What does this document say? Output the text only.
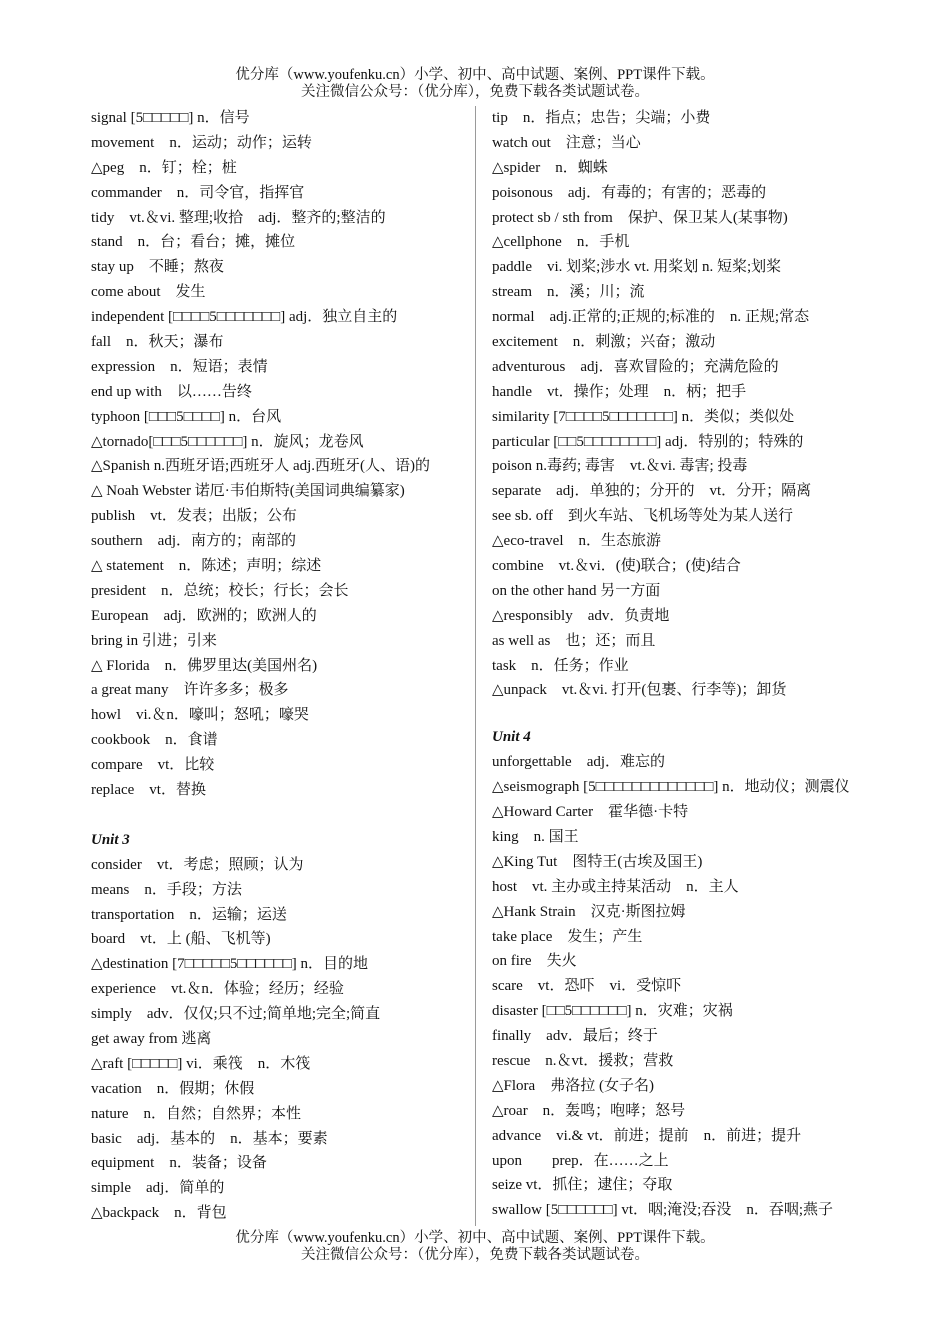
优分库（www.youfenku.cn）小学、初中、高中试题、案例、PPT课件下载。
关注微信公众号：（优分库），免费下载各类试题试卷。
signal [5□□□□□] n．信号
movement　n．运动；动作；运转
△peg　n．钉；栓；桩
commander　n．司令官，指挥官
tidy　vt.＆vi. 整理;收拾　adj．整齐的;整洁的
stand　n．台；看台；摊，摊位
stay up　不睡；熬夜
come about　发生
independent [□□□□5□□□□□□□] adj．独立自主的
fall　n．秋天；瀑布
expression　n．短语；表情
end up with　以……告终
typhoon [□□□5□□□□] n．台风
△tornado[□□□5□□□□□□] n．旋风；龙卷风
△Spanish n.西班牙语;西班牙人 adj.西班牙(人、语)的
△ Noah Webster 诺厄·韦伯斯特(美国词典编纂家)
publish　vt．发表；出版；公布
southern　adj．南方的；南部的
△ statement　n．陈述；声明；综述
president　n．总统；校长；行长；会长
European　adj．欧洲的；欧洲人的
bring in 引进；引来
△ Florida　n．佛罗里达(美国州名)
a great many　许许多多；极多
howl　vi.＆n．嚎叫；怒吼；嚎哭
cookbook　n．食谱
compare　vt．比较
replace　vt．替换
Unit 3
consider　vt．考虑；照顾；认为
means　n．手段；方法
transportation　n．运输；运送
board　vt．上 (船、飞机等)
△destination [7□□□□□5□□□□□□] n．目的地
experience　vt.＆n．体验；经历；经验
simply　adv．仅仅;只不过;简单地;完全;简直
get away from 逃离
△raft [□□□□□] vi．乘筏　n．木筏
vacation　n．假期；休假
nature　n．自然；自然界；本性
basic　adj．基本的　n．基本；要素
equipment　n．装备；设备
simple　adj．简单的
△backpack　n．背包
tip　n．指点；忠告；尖端；小费
watch out　注意；当心
△spider　n．蜘蛛
poisonous　adj．有毒的；有害的；恶毒的
protect sb / sth from　保护、保卫某人(某事物)
△cellphone　n．手机
paddle　vi. 划桨;涉水 vt. 用桨划 n. 短桨;划桨
stream　n．溪；川；流
normal　adj.正常的;正规的;标准的　n. 正规;常态
excitement　n．刺激；兴奋；激动
adventurous　adj．喜欢冒险的；充满危险的
handle　vt．操作；处理　n．柄；把手
similarity [7□□□□5□□□□□□□] n．类似；类似处
particular [□□5□□□□□□□□] adj．特别的；特殊的
poison n.毒药; 毒害　vt.＆vi. 毒害; 投毒
separate　adj．单独的；分开的　vt．分开；隔离
see sb. off　到火车站、飞机场等处为某人送行
△eco-travel　n．生态旅游
combine　vt.＆vi．(使)联合；(使)结合
on the other hand 另一方面
△responsibly　adv．负责地
as well as　也；还；而且
task　n．任务；作业
△unpack　vt.＆vi. 打开(包裹、行李等)；卸货
Unit 4
unforgettable　adj．难忘的
△seismograph [5□□□□□□□□□□□□□] n．地动仪；测震仪
△Howard Carter　霍华德·卡特
king　n. 国王
△King Tut　图特王(古埃及国王)
host　vt. 主办或主持某活动　n．主人
△Hank Strain　汉克·斯图拉姆
take place　发生；产生
on fire　失火
scare　vt．恐吓　vi．受惊吓
disaster [□□5□□□□□□] n．灾难；灾祸
finally　adv．最后；终于
rescue　n.＆vt．援救；营救
△Flora　弗洛拉 (女子名)
△roar　n．轰鸣；咆哮；怒号
advance　vi.& vt．前进；提前　n．前进；提升
upon　　prep．在……之上
seize vt．抓住；逮住；夺取
swallow [5□□□□□□] vt．咽;淹没;吞没　n．吞咽;燕子
优分库（www.youfenku.cn）小学、初中、高中试题、案例、PPT课件下载。
关注微信公众号：（优分库），免费下载各类试题试卷。
